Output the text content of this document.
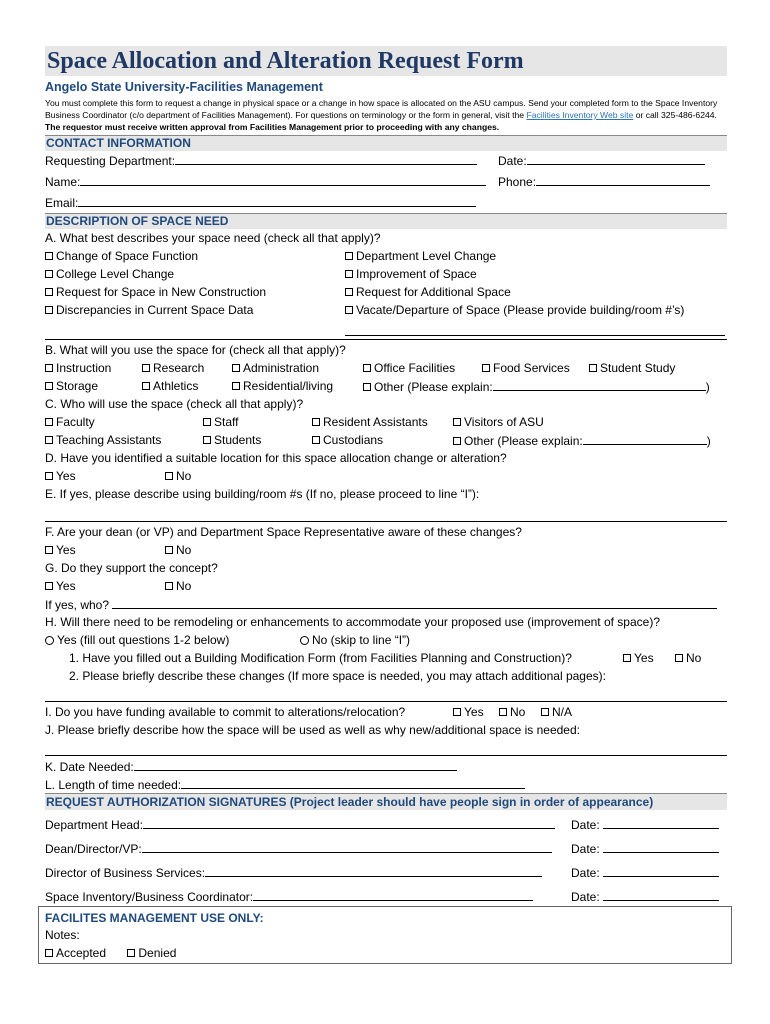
Space Allocation and Alteration Request Form
Angelo State University-Facilities Management
You must complete this form to request a change in physical space or a change in how space is allocated on the ASU campus. Send your completed form to the Space Inventory Business Coordinator (c/o department of Facilities Management). For questions on terminology or the form in general, visit the Facilities Inventory Web site or call 325-486-6244. The requestor must receive written approval from Facilities Management prior to proceeding with any changes.
CONTACT INFORMATION
Requesting Department:	Date:
Name:	Phone:
Email:
DESCRIPTION OF SPACE NEED
A. What best describes your space need (check all that apply)?
Change of Space Function	Department Level Change
College Level Change	Improvement of Space
Request for Space in New Construction	Request for Additional Space
Discrepancies in Current Space Data	Vacate/Departure of Space (Please provide building/room #’s)
B. What will you use the space for (check all that apply)?
Instruction	Research	Administration	Office Facilities	Food Services	Student Study
Storage	Athletics	Residential/living	Other (Please explain:	)
C. Who will use the space (check all that apply)?
Faculty	Staff	Resident Assistants	Visitors of ASU
Teaching Assistants	Students	Custodians	Other (Please explain:	)
D. Have you identified a suitable location for this space allocation change or alteration?
Yes	No
E. If yes, please describe using building/room #s (If no, please proceed to line “I”):
F. Are your dean (or VP) and Department Space Representative aware of these changes?
Yes	No
G. Do they support the concept?
Yes	No
If yes, who?
H. Will there need to be remodeling or enhancements to accommodate your proposed use (improvement of space)?
Yes (fill out questions 1-2 below)	No (skip to line “I”)
1. Have you filled out a Building Modification Form (from Facilities Planning and Construction)?	Yes	No
2. Please briefly describe these changes (If more space is needed, you may attach additional pages):
I. Do you have funding available to commit to alterations/relocation?	Yes	No	N/A
J. Please briefly describe how the space will be used as well as why new/additional space is needed:
K. Date Needed:
L. Length of time needed:
REQUEST AUTHORIZATION SIGNATURES (Project leader should have people sign in order of appearance)
Department Head:	Date:
Dean/Director/VP:	Date:
Director of Business Services:	Date:
Space Inventory/Business Coordinator:	Date:
FACILITES MANAGEMENT USE ONLY:
Notes:
Accepted	Denied
